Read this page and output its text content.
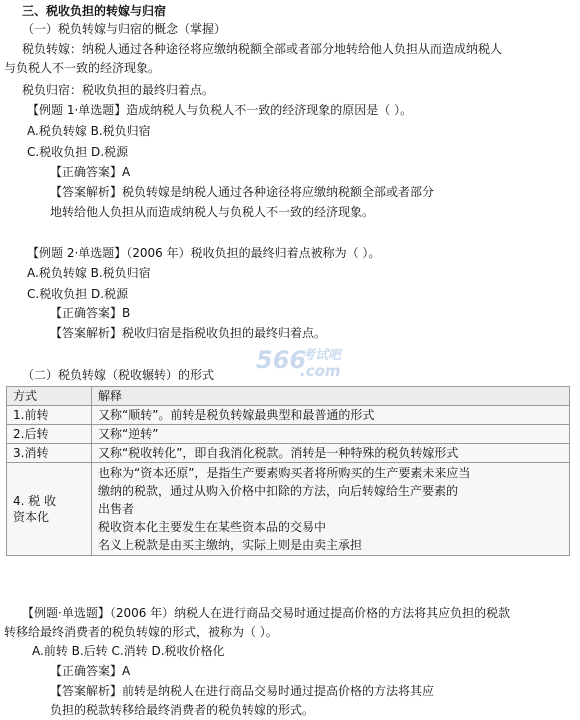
三、税收负担的转嫁与归宿
（一）税负转嫁与归宿的概念（掌握）
税负转嫁：纳税人通过各种途径将应缴纳税额全部或者部分地转给他人负担从而造成纳税人
与负税人不一致的经济现象。
税负归宿：税收负担的最终归着点。
【例题 1·单选题】造成纳税人与负税人不一致的经济现象的原因是（ ）。
A.税负转嫁 B.税负归宿
C.税收负担 D.税源
【正确答案】A
【答案解析】税负转嫁是纳税人通过各种途径将应缴纳税额全部或者部分
地转给他人负担从而造成纳税人与负税人不一致的经济现象。
【例题 2·单选题】（2006 年）税收负担的最终归着点被称为（ ）。
A.税负转嫁 B.税负归宿
C.税收负担 D.税源
【正确答案】B
【答案解析】税收归宿是指税收负担的最终归着点。
（二）税负转嫁（税收辗转）的形式
566
考试吧
.com
方式	解释
1.前转	又称“顺转”。前转是税负转嫁最典型和最普通的形式
2.后转	又称“逆转”
3.消转	又称“税收转化”，即自我消化税款。消转是一种特殊的税负转嫁形式

4. 税 收
资本化	也称为“资本还原”，是指生产要素购买者将所购买的生产要素未来应当
缴纳的税款，通过从购入价格中扣除的方法，向后转嫁给生产要素的
出售者
税收资本化主要发生在某些资本品的交易中
名义上税款是由买主缴纳，实际上则是由卖主承担
【例题·单选题】（2006 年）纳税人在进行商品交易时通过提高价格的方法将其应负担的税款
转移给最终消费者的税负转嫁的形式，被称为（ ）。
A.前转 B.后转 C.消转 D.税收价格化
【正确答案】A
【答案解析】前转是纳税人在进行商品交易时通过提高价格的方法将其应
负担的税款转移给最终消费者的税负转嫁的形式。
